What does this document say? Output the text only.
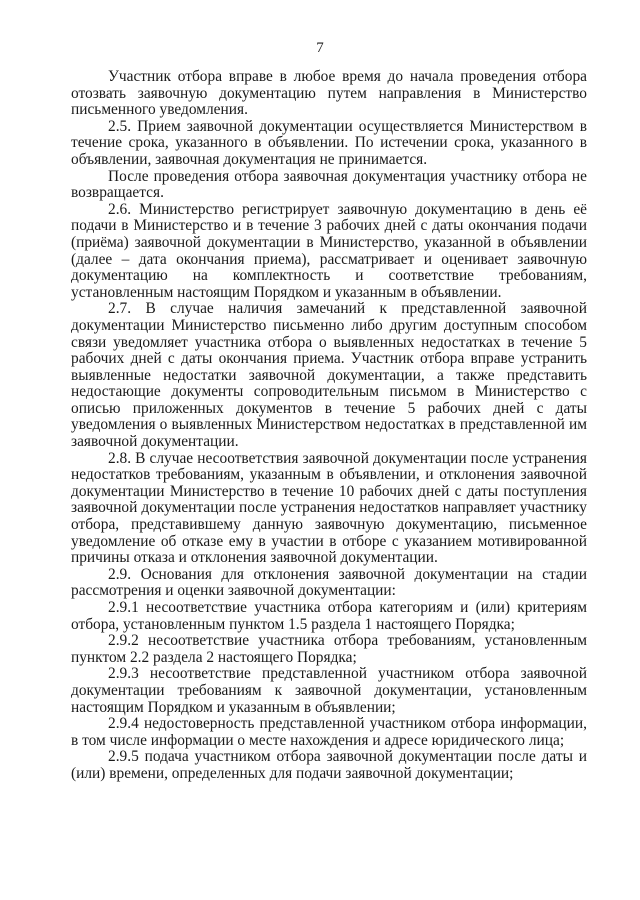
7

Участник отбора вправе в любое время до начала проведения отбора отозвать заявочную документацию путем направления в Министерство письменного уведомления.

2.5. Прием заявочной документации осуществляется Министерством в течение срока, указанного в объявлении. По истечении срока, указанного в объявлении, заявочная документация не принимается.

После проведения отбора заявочная документация участнику отбора не возвращается.

2.6. Министерство регистрирует заявочную документацию в день её подачи в Министерство и в течение 3 рабочих дней с даты окончания подачи (приёма) заявочной документации в Министерство, указанной в объявлении (далее – дата окончания приема), рассматривает и оценивает заявочную документацию на комплектность и соответствие требованиям, установленным настоящим Порядком и указанным в объявлении.

2.7. В случае наличия замечаний к представленной заявочной документации Министерство письменно либо другим доступным способом связи уведомляет участника отбора о выявленных недостатках в течение 5 рабочих дней с даты окончания приема. Участник отбора вправе устранить выявленные недостатки заявочной документации, а также представить недостающие документы сопроводительным письмом в Министерство с описью приложенных документов в течение 5 рабочих дней с даты уведомления о выявленных Министерством недостатках в представленной им заявочной документации.

2.8. В случае несоответствия заявочной документации после устранения недостатков требованиям, указанным в объявлении, и отклонения заявочной документации Министерство в течение 10 рабочих дней с даты поступления заявочной документации после устранения недостатков направляет участнику отбора, представившему данную заявочную документацию, письменное уведомление об отказе ему в участии в отборе с указанием мотивированной причины отказа и отклонения заявочной документации.

2.9. Основания для отклонения заявочной документации на стадии рассмотрения и оценки заявочной документации:

2.9.1 несоответствие участника отбора категориям и (или) критериям отбора, установленным пунктом 1.5 раздела 1 настоящего Порядка;

2.9.2 несоответствие участника отбора требованиям, установленным пунктом 2.2 раздела 2 настоящего Порядка;

2.9.3 несоответствие представленной участником отбора заявочной документации требованиям к заявочной документации, установленным настоящим Порядком и указанным в объявлении;

2.9.4 недостоверность представленной участником отбора информации, в том числе информации о месте нахождения и адресе юридического лица;

2.9.5 подача участником отбора заявочной документации после даты и (или) времени, определенных для подачи заявочной документации;
